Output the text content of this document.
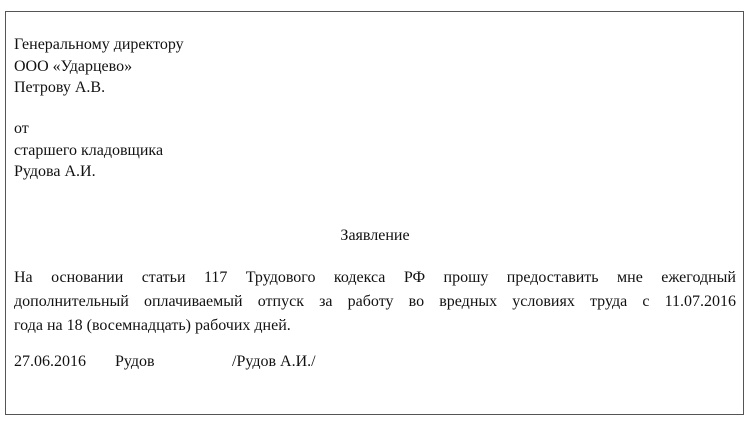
Генеральному директору
ООО «Ударцево»
Петрову А.В.
от
старшего кладовщика
Рудова А.И.
Заявление
На основании статьи 117 Трудового кодекса РФ прошу предоставить мне ежегодный
дополнительный оплачиваемый отпуск за работу во вредных условиях труда с 11.07.2016
года на 18 (восемнадцать) рабочих дней.
27.06.2016 Рудов	/Рудов А.И./
